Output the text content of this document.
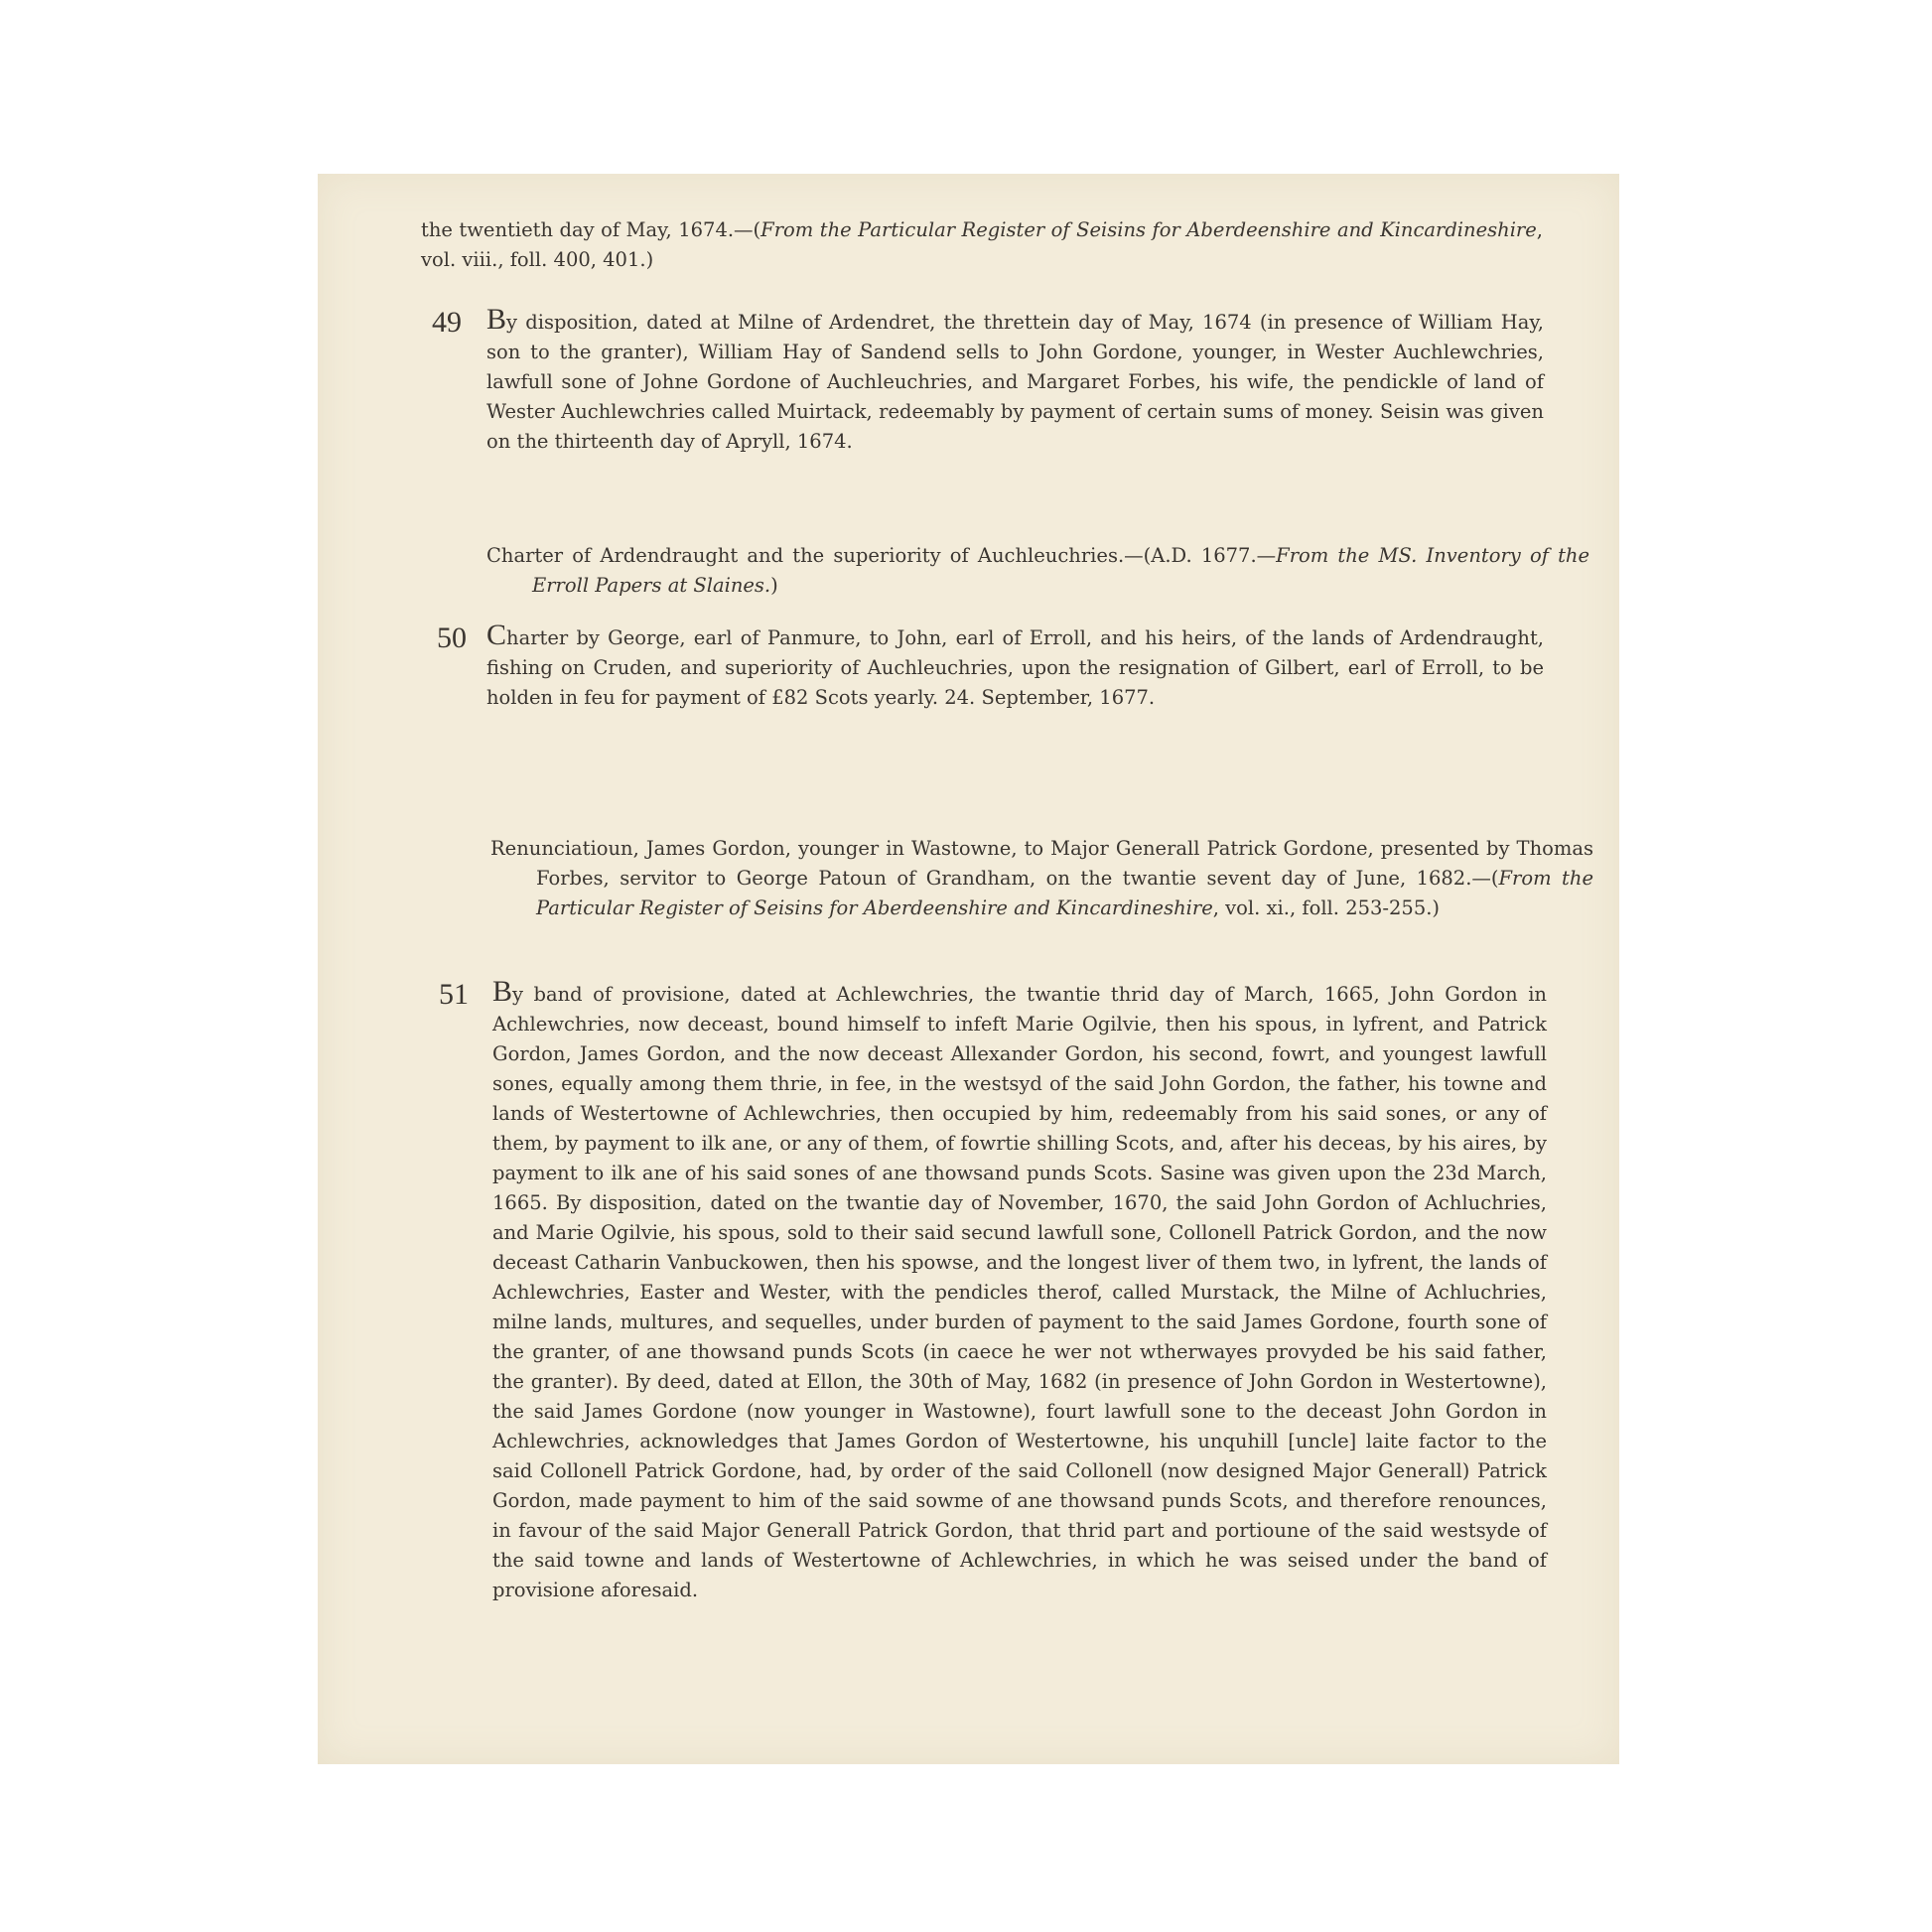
the twentieth day of May, 1674.—(From the Particular Register of Seisins for Aberdeenshire and Kincardineshire, vol. viii., foll. 400, 401.)
49 By disposition, dated at Milne of Ardendret, the threttein day of May, 1674 (in presence of William Hay, son to the granter), William Hay of Sandend sells to John Gordone, younger, in Wester Auchlewchries, lawfull sone of Johne Gordone of Auchleuchries, and Margaret Forbes, his wife, the pendickle of land of Wester Auchlewchries called Muirtack, redeemably by payment of certain sums of money. Seisin was given on the thirteenth day of Apryll, 1674.
Charter of Ardendraught and the superiority of Auchleuchries.—(A.D. 1677.—From the MS. Inventory of the Erroll Papers at Slaines.)
50 Charter by George, earl of Panmure, to John, earl of Erroll, and his heirs, of the lands of Ardendraught, fishing on Cruden, and superiority of Auchleuchries, upon the resignation of Gilbert, earl of Erroll, to be holden in feu for payment of £82 Scots yearly. 24. September, 1677.
Renunciatioun, James Gordon, younger in Wastowne, to Major Generall Patrick Gordone, presented by Thomas Forbes, servitor to George Patoun of Grandham, on the twantie sevent day of June, 1682.—(From the Particular Register of Seisins for Aberdeenshire and Kincardineshire, vol. xi., foll. 253-255.)
51 By band of provisione, dated at Achlewchries, the twantie thrid day of March, 1665, John Gordon in Achlewchries, now deceast, bound himself to infeft Marie Ogilvie, then his spous, in lyfrent, and Patrick Gordon, James Gordon, and the now deceast Allexander Gordon, his second, fowrt, and youngest lawfull sones, equally among them thrie, in fee, in the westsyd of the said John Gordon, the father, his towne and lands of Westertowne of Achlewchries, then occupied by him, redeemably from his said sones, or any of them, by payment to ilk ane, or any of them, of fowrtie shilling Scots, and, after his deceas, by his aires, by payment to ilk ane of his said sones of ane thowsand punds Scots. Sasine was given upon the 23d March, 1665. By disposition, dated on the twantie day of November, 1670, the said John Gordon of Achluchries, and Marie Ogilvie, his spous, sold to their said secund lawfull sone, Collonell Patrick Gordon, and the now deceast Catharin Vanbuckowen, then his spowse, and the longest liver of them two, in lyfrent, the lands of Achlewchries, Easter and Wester, with the pendicles therof, called Murstack, the Milne of Achluchries, milne lands, multures, and sequelles, under burden of payment to the said James Gordone, fourth sone of the granter, of ane thowsand punds Scots (in caece he wer not wtherwayes provyded be his said father, the granter). By deed, dated at Ellon, the 30th of May, 1682 (in presence of John Gordon in Westertowne), the said James Gordone (now younger in Wastowne), fourt lawfull sone to the deceast John Gordon in Achlewchries, acknowledges that James Gordon of Westertowne, his unquhill [uncle] laite factor to the said Collonell Patrick Gordone, had, by order of the said Collonell (now designed Major Generall) Patrick Gordon, made payment to him of the said sowme of ane thowsand punds Scots, and therefore renounces, in favour of the said Major Generall Patrick Gordon, that thrid part and portioune of the said westsyde of the said towne and lands of Westertowne of Achlewchries, in which he was seised under the band of provisione aforesaid.
